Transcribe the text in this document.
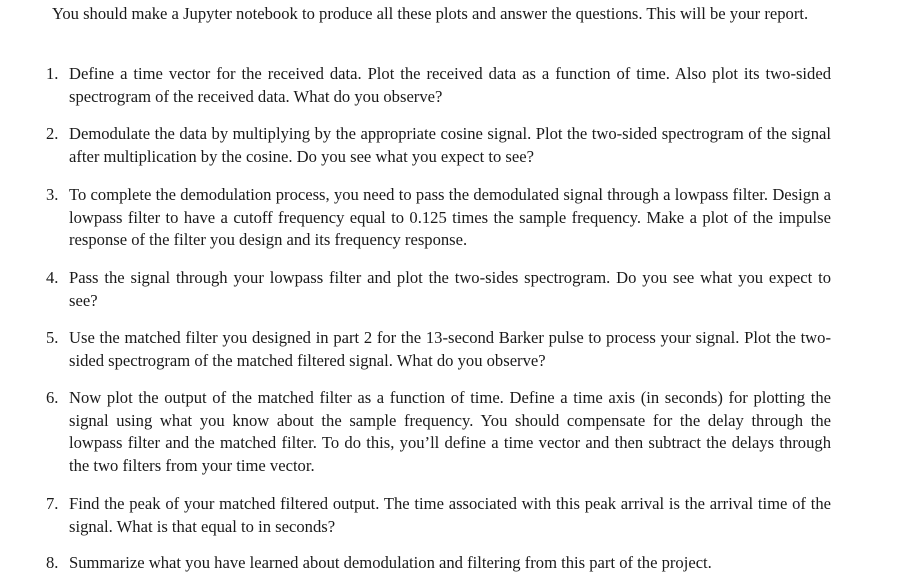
You should make a Jupyter notebook to produce all these plots and answer the questions. This will be your report.

1. Define a time vector for the received data. Plot the received data as a function of time. Also plot its two-sided spectrogram of the received data. What do you observe?
2. Demodulate the data by multiplying by the appropriate cosine signal. Plot the two-sided spectrogram of the signal after multiplication by the cosine. Do you see what you expect to see?
3. To complete the demodulation process, you need to pass the demodulated signal through a lowpass filter. Design a lowpass filter to have a cutoff frequency equal to 0.125 times the sample frequency. Make a plot of the impulse response of the filter you design and its frequency response.
4. Pass the signal through your lowpass filter and plot the two-sides spectrogram. Do you see what you expect to see?
5. Use the matched filter you designed in part 2 for the 13-second Barker pulse to process your signal. Plot the two-sided spectrogram of the matched filtered signal. What do you observe?
6. Now plot the output of the matched filter as a function of time. Define a time axis (in seconds) for plotting the signal using what you know about the sample frequency. You should compensate for the delay through the lowpass filter and the matched filter. To do this, you’ll define a time vector and then subtract the delays through the two filters from your time vector.
7. Find the peak of your matched filtered output. The time associated with this peak arrival is the arrival time of the signal. What is that equal to in seconds?
8. Summarize what you have learned about demodulation and filtering from this part of the project.
